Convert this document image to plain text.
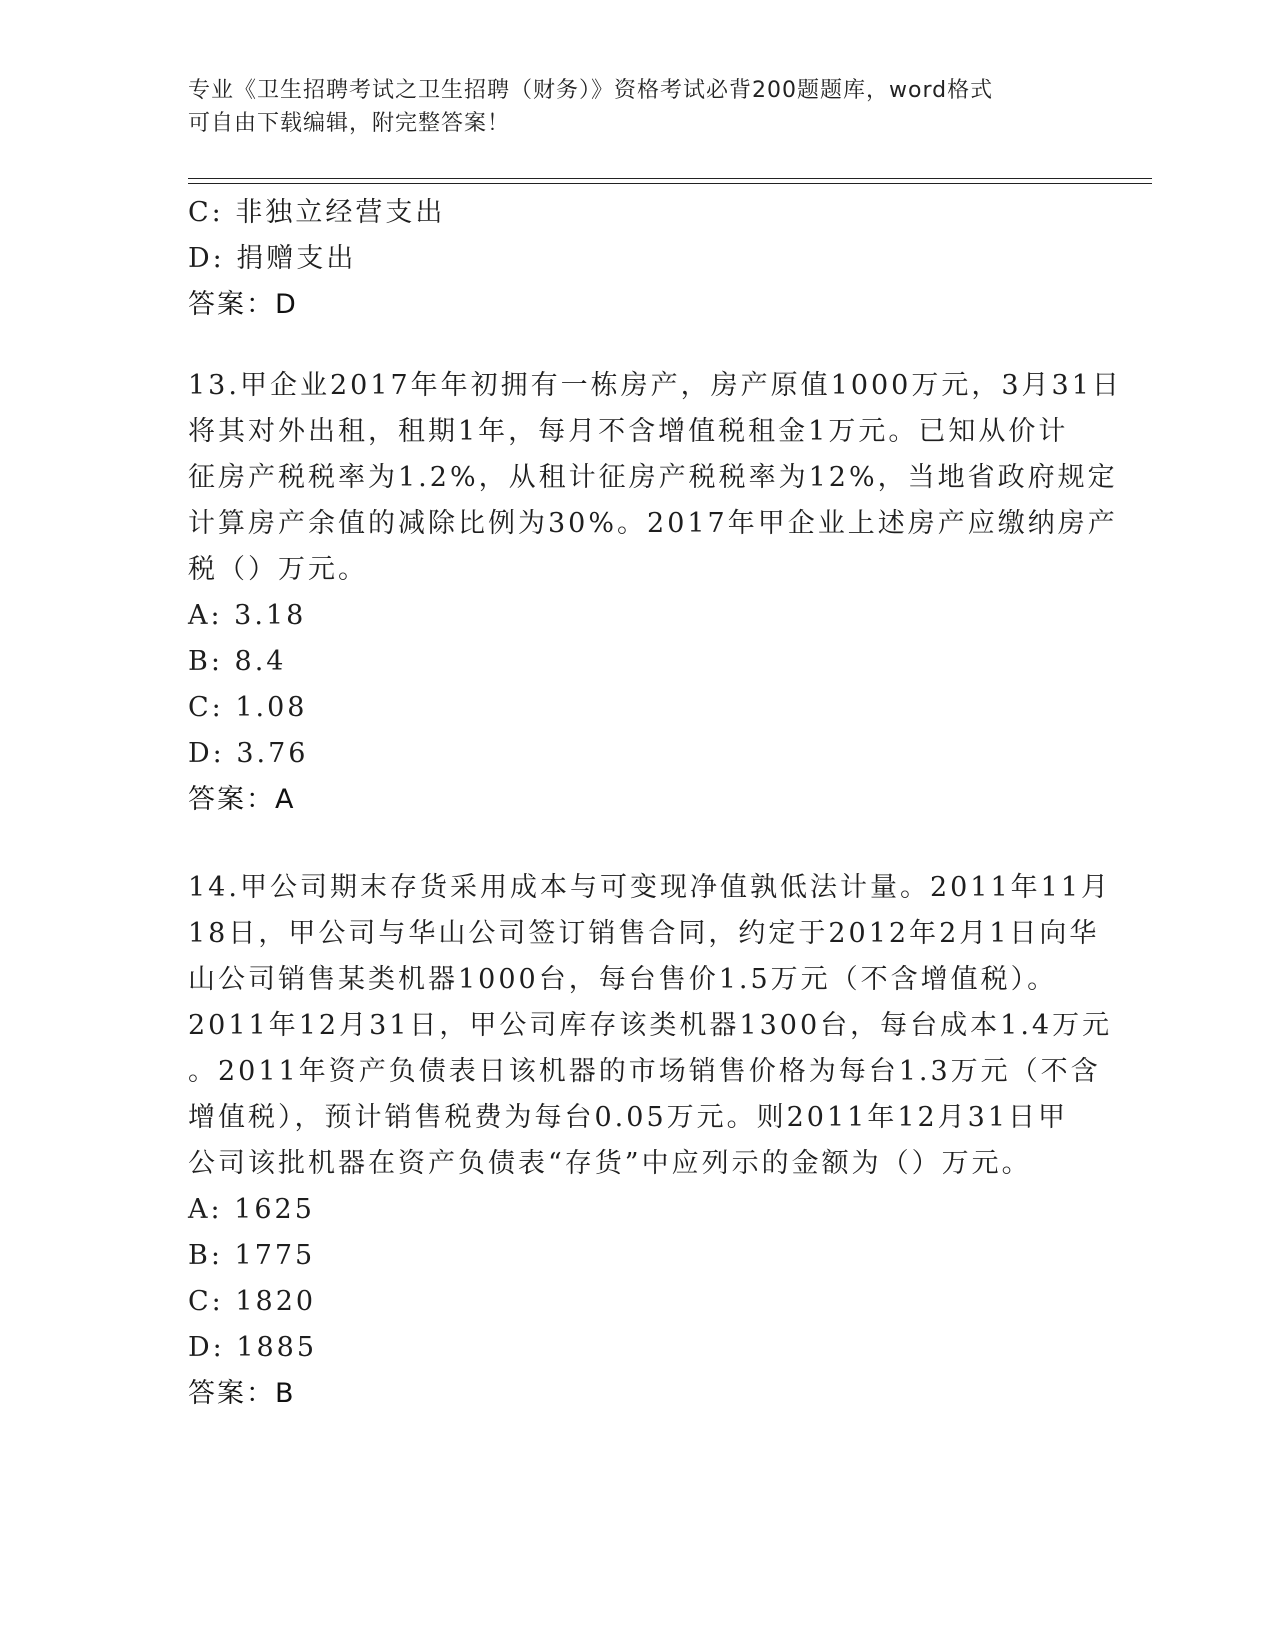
专业《卫生招聘考试之卫生招聘（财务）》资格考试必背200题题库，word格式
可自由下载编辑，附完整答案！
C: 非独立经营支出
D: 捐赠支出
答案：D
13.甲企业2017年年初拥有一栋房产，房产原值1000万元，3月31日
将其对外出租，租期1年，每月不含增值税租金1万元。已知从价计
征房产税税率为1.2%，从租计征房产税税率为12%，当地省政府规定
计算房产余值的减除比例为30%。2017年甲企业上述房产应缴纳房产
税（）万元。
A: 3.18
B: 8.4
C: 1.08
D: 3.76
答案：A
14.甲公司期末存货采用成本与可变现净值孰低法计量。2011年11月
18日，甲公司与华山公司签订销售合同，约定于2012年2月1日向华
山公司销售某类机器1000台，每台售价1.5万元（不含增值税）。
2011年12月31日，甲公司库存该类机器1300台，每台成本1.4万元
。2011年资产负债表日该机器的市场销售价格为每台1.3万元（不含
增值税），预计销售税费为每台0.05万元。则2011年12月31日甲
公司该批机器在资产负债表“存货”中应列示的金额为（）万元。
A: 1625
B: 1775
C: 1820
D: 1885
答案：B
